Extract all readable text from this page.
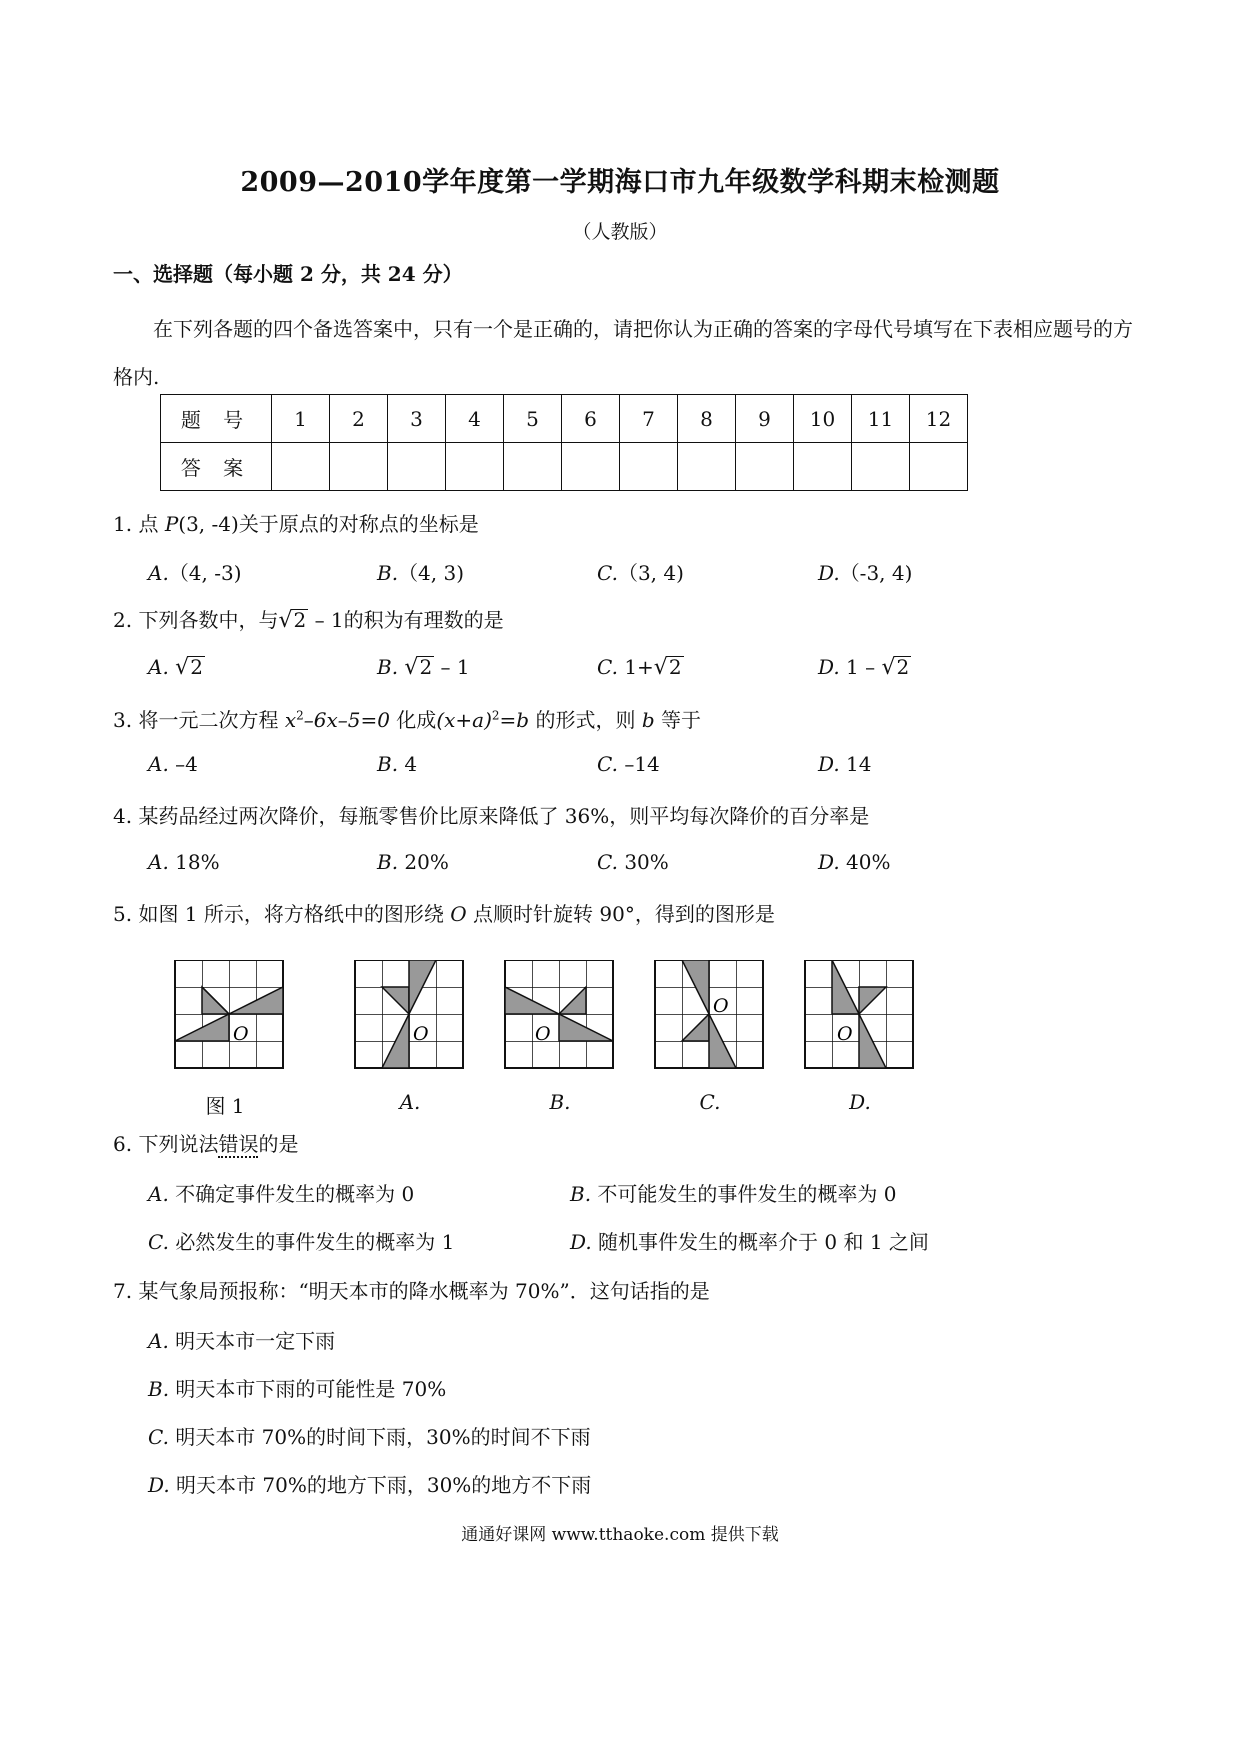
2009—2010学年度第一学期海口市九年级数学科期末检测题
（人教版）
一、选择题（每小题 2 分，共 24 分）
在下列各题的四个备选答案中，只有一个是正确的，请把你认为正确的答案的字母代号填写在下表相应题号的方格内.
题 号	1	2	3	4	5	6	7	8	9	10	11	12
答 案												
1. 点 P(3, -4)关于原点的对称点的坐标是
A.（4, -3)	B.（4, 3)	C.（3, 4)	D.（-3, 4)
2. 下列各数中，与√2 – 1的积为有理数的是
A. √2	B. √2 – 1	C. 1+√2	D. 1 – √2
3. 将一元二次方程 $x^2-6x-5=0$ 化成$(x+a)^2=b$ 的形式，则 b 等于
A. –4	B. 4	C. –14	D. 14
4. 某药品经过两次降价，每瓶零售价比原来降低了 36%，则平均每次降价的百分率是
A. 18%	B. 20%	C. 30%	D. 40%
5. 如图 1 所示，将方格纸中的图形绕 O 点顺时针旋转 90°，得到的图形是
O	O	O
O
O
图 1	A.	B.	C.	D.
6. 下列说法错误的是
A. 不确定事件发生的概率为 0	B. 不可能发生的事件发生的概率为 0
C. 必然发生的事件发生的概率为 1	D. 随机事件发生的概率介于 0 和 1 之间
7. 某气象局预报称：“明天本市的降水概率为 70%”．这句话指的是
A. 明天本市一定下雨
B. 明天本市下雨的可能性是 70%
C. 明天本市 70%的时间下雨，30%的时间不下雨
D. 明天本市 70%的地方下雨，30%的地方不下雨
通通好课网 www.tthaoke.com 提供下载
